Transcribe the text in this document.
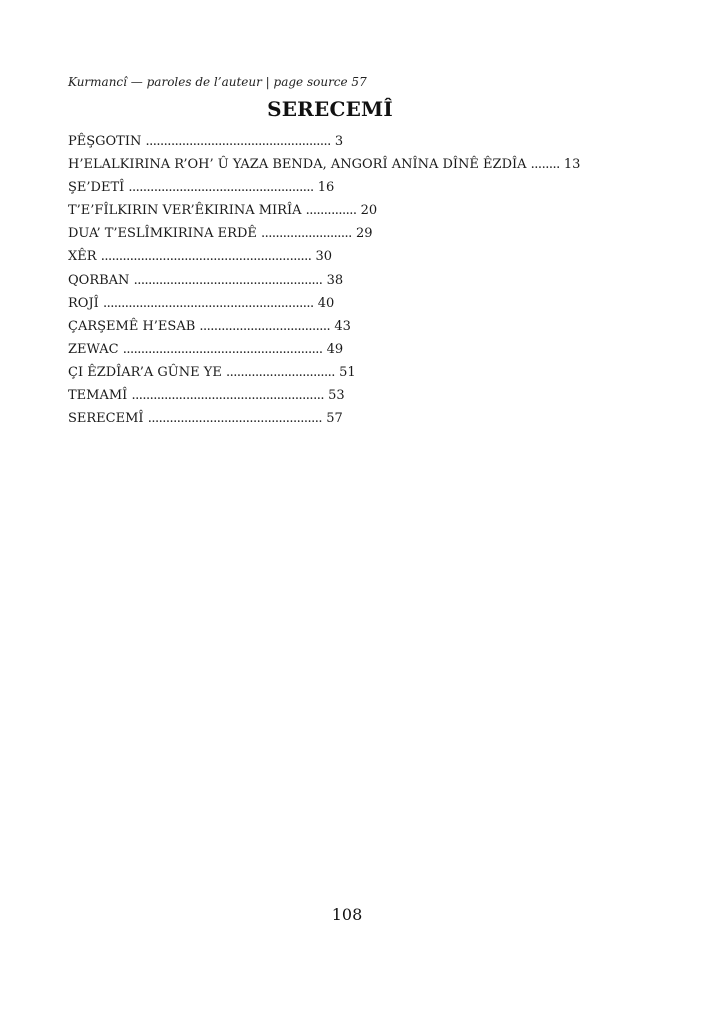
Kurmancî — paroles de l’auteur | page source 57
SERECEMÎ
PÊŞGOTIN ................................................... 3
H’ELALKIRINA R’OH’ Û YAZA BENDA, ANGORÎ ANÎNA DÎNÊ ÊZDÎA ........ 13
ŞE’DETÎ ................................................... 16
T’E’FÎLKIRIN VER’ÊKIRINA MIRÎA .............. 20
DUA’ T’ESLÎMKIRINA ERDÊ ......................... 29
XÊR .......................................................... 30
QORBAN .................................................... 38
ROJÎ .......................................................... 40
ÇARŞEMÊ H’ESAB .................................... 43
ZEWAC ....................................................... 49
ÇI ÊZDÎAR’A GÛNE YE .............................. 51
TEMAMÎ ..................................................... 53
SERECEMÎ ................................................ 57
108
